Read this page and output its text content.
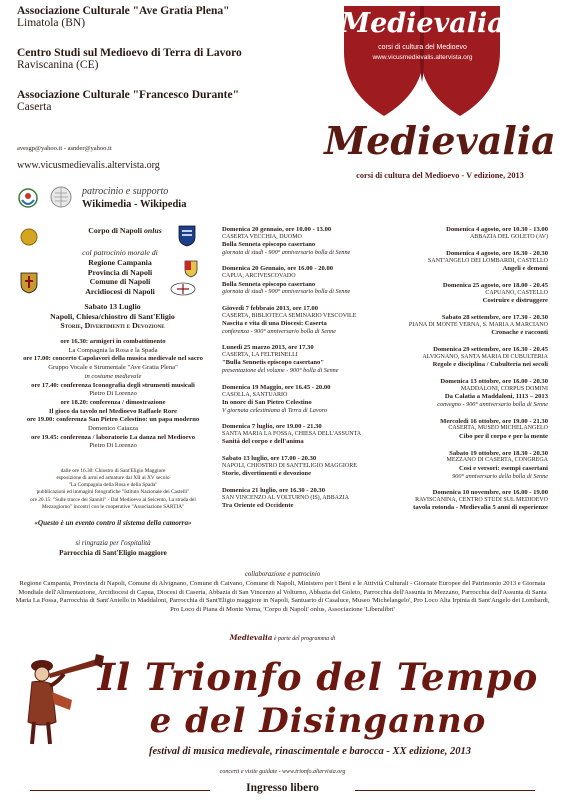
Associazione Culturale "Ave Gratia Plena"
Limatola (BN)
Centro Studi sul Medioevo di Terra di Lavoro
Raviscanina (CE)
Associazione Culturale "Francesco Durante"
Caserta
avesgp@yahoo.it - asnder@yahoo.it
www.vicusmedievalis.altervista.org
patrocinio e supporto
Wikimedia - Wikipedia
Medievalia
corsi di cultura del Medioevo
www.vicusmedievalis.altervista.org
Medievalia
corsi di cultura del Medioevo - V edizione, 2013
Corpo di Napoli onlus
col patrocinio morale di
Regione Campania
Provincia di Napoli
Comune di Napoli
Arcidiocesi di Napoli
Sabato 13 Luglio
Napoli, Chiesa/chiostro di Sant'Eligio
Storie, Divertimenti e Devozione
ore 16.30: armigeri in combattimento
La Compagnia la Rosa e la Spada
ore 17.00: concerto Capolavori della musica medievale nel sacro
Gruppo Vocale e Strumentale "Ave Gratia Plena"
in costume medievale
ore 17.40: conferenza Iconografia degli strumenti musicali
Pietro Di Lorenzo
ore 18.20: conferenza / dimostrazione
Il gioco da tavolo nel Medioevo Raffaele Rore
ore 19.00: conferenza San Pietro Celestino: un papa moderno
Domenico Caiazza
ore 19.45: conferenza / laboratorio La danza nel Medioevo
Pietro Di Lorenzo
dalle ore 16.30: Chiostro di Sant'Eligio Maggiore
esposizione di armi ed armature dal XII al XV secolo
"La Compagnia della Rosa e della Spada"
pubblicazioni ed immagini fotografiche "Istituto Nazionale dei Castelli"
ore 20.15: "Sulle tracce dei Sanniti" - Dal Medioevo al Seicento, La strada del
Mezzogiorno" incontri con le cooperative "Associazione SARTIA"
«Questo è un evento contro il sistema della camorra»
si ringrazia per l'ospitalità
Parrocchia di Sant'Eligio maggiore
Domenica 20 gennaio, ore 10.00 - 13.00
CASERTA VECCHIA, DUOMO
Bolla Senneta episcopo casertano
giornata di studi - 900° anniversario bolla di Senne
Domenica 20 Gennaio, ore 16.00 - 20.00
CAPUA, ARCIVESCOVADO
Bolla Senneta episcopo casertano
giornata di studi - 900° anniversario bolla di Senne
Giovedì 7 febbraio 2013, ore 17.00
CASERTA, BIBLIOTECA SEMINARIO VESCOVILE
Nascita e vita di una Diocesi: Caserta
conferenza - 900° anniversario bolla di Senne
Lunedì 25 marzo 2013, ore 17.30
CASERTA, LA FELTRINELLI
"Bulla Sennetis episcopo casertano"
presentazione del volume - 900° bolla di Senne
Domenica 19 Maggio, ore 16.45 - 20.00
CASOLLA, SANTUARIO
In onore di San Pietro Celestino
V giornata celestiniana di Terra di Lavoro
Domenica 7 luglio, ore 19.00 - 21.30
SANTA MARIA LA FOSSA, CHIESA DELL'ASSUNTA
Sanità del corpo e dell'anima
Sabato 13 luglio, ore 17.00 - 20.30
NAPOLI, CHIOSTRO DI SANT'ELIGIO MAGGIORE
Storie, divertimenti e devozione
Domenica 21 luglio, ore 16.30 - 20.30
SAN VINCENZO AL VOLTURNO (IS), ABBAZIA
Tra Oriente ed Occidente
Domenica 4 agosto, ore 10.30 - 13.00
ABBAZIA DEL GOLETO (AV)
Domenica 4 agosto, ore 16.30 - 20.30
SANT'ANGELO DEI LOMBARDI, CASTELLO
Angeli e demoni
Domenica 25 agosto, ore 18.00 - 20.45
CAPUANO, CASTELLO
Costruire e distruggere
Sabato 28 settembre, ore 17.30 - 20.30
PIANA DI MONTE VERNA, S. MARIA A MARCIANO
Cronache e racconti
Domenica 29 settembre, ore 16.30 - 20.45
ALVIGNANO, SANTA MARIA DI CUBULTERIA
Regole e disciplina / Cubulteria nei secoli
Domenica 13 ottobre, ore 16.00 - 20.30
MADDALONI, CORPUS DOMINI
Da Calatia a Maddaloni, 1113 – 2013
convegno - 900° anniversario bolla di Senne
Mercoledì 16 ottobre, ore 19.00 - 21.30
CASERTA, MUSEO MICHELANGELO
Cibo per il corpo e per la mente
Sabato 19 ottobre, ore 18.30 - 20.30
MEZZANO DI CASERTA, CONGREGA
Cosi e versori: esempi casertani
900° anniversario della bolla di Senne
Domenica 10 novembre, ore 16.00 - 19.00
RAVISCANINA, CENTRO STUDI SUL MEDIOEVO
tavola rotonda - Medievalia 5 anni di esperienze
collaborazione e patrocinio
Regione Campania, Provincia di Napoli, Comune di Alvignano, Comune di Caivano, Comune di Napoli, Ministero per i Beni e le Attività Culturali - Giornate Europee del Patrimonio 2013 e Giornata Mondiale dell'Alimentazione, Arcidiocesi di Capua, Diocesi di Caserta, Abbazia di San Vincenzo al Volturno, Abbazia del Goleto, Parrocchia dell'Assunta in Mezzano, Parrocchia dell'Assunta di Santa Maria La Fossa, Parrocchia di Sant'Aniello in Maddaloni, Parrocchia di Sant'Eligio maggiore in Napoli, Santuario di Casaluce, Museo 'Michelangelo', Pro Loco Alta Irpinia di Sant'Angelo dei Lombardi, Pro Loco di Piana di Monte Verna, 'Corpo di Napoli' onlus, Associazione 'Liberalibri'
Medievalia è parte del programma di
Il Trionfo del Tempo
e del Disinganno
festival di musica medievale, rinascimentale e barocca - XX edizione, 2013
concerti e visite guidate - www.trionfo.altervista.org
Ingresso libero
